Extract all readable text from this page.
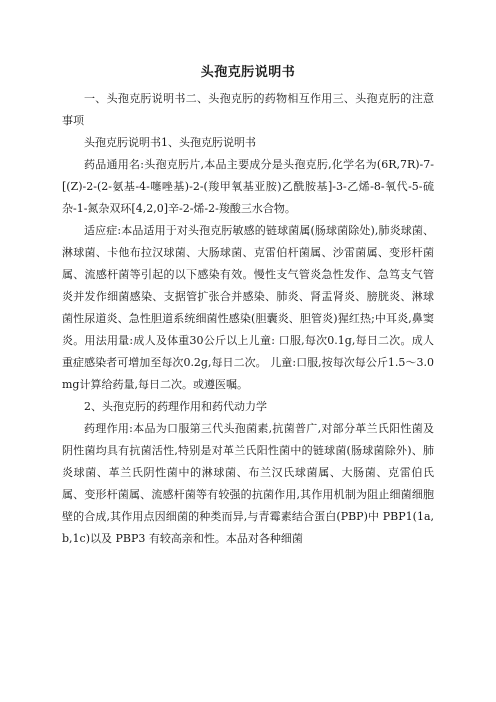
头孢克肟说明书

一、头孢克肟说明书二、头孢克肟的药物相互作用三、头孢克肟的注意事项

头孢克肟说明书1、头孢克肟说明书

药品通用名:头孢克肟片,本品主要成分是头孢克肟,化学名为(6R,7R)-7-[(Z)-2-(2-氨基-4-噻唑基)-2-(羧甲氧基亚胺)乙酰胺基]-3-乙烯-8-氧代-5-硫杂-1-氮杂双环[4,2,0]辛-2-烯-2-羧酸三水合物。

适应症:本品适用于对头孢克肟敏感的链球菌属(肠球菌除处),肺炎球菌、淋球菌、卡他布拉汉球菌、大肠球菌、克雷伯杆菌属、沙雷菌属、变形杆菌属、流感杆菌等引起的以下感染有效。慢性支气管炎急性发作、急笃支气管炎并发作细菌感染、支据管扩张合并感染、肺炎、肾盂肾炎、膀胱炎、淋球菌性尿道炎、急性胆道系统细菌性感染(胆囊炎、胆管炎)猩红热;中耳炎,鼻窦炎。用法用量:成人及体重30公斤以上儿童: 口服,每次0.1g,每日二次。成人重症感染者可增加至每次0.2g,每日二次。 儿童:口服,按每次每公斤1.5～3.0mg计算给药量,每日二次。或遵医嘱。

2、头孢克肟的药理作用和药代动力学

药理作用:本品为口服第三代头孢菌素,抗菌普广,对部分革兰氏阳性菌及阴性菌均具有抗菌活性,特别是对革兰氏阳性菌中的链球菌(肠球菌除外)、肺炎球菌、革兰氏阴性菌中的淋球菌、布兰汉氏球菌属、大肠菌、克雷伯氏属、变形杆菌属、流感杆菌等有较强的抗菌作用,其作用机制为阻止细菌细胞壁的合成,其作用点因细菌的种类而异,与青霉素结合蛋白(PBP)中 PBP1(1a,b,1c)以及 PBP3 有较高亲和性。本品对各种细菌
